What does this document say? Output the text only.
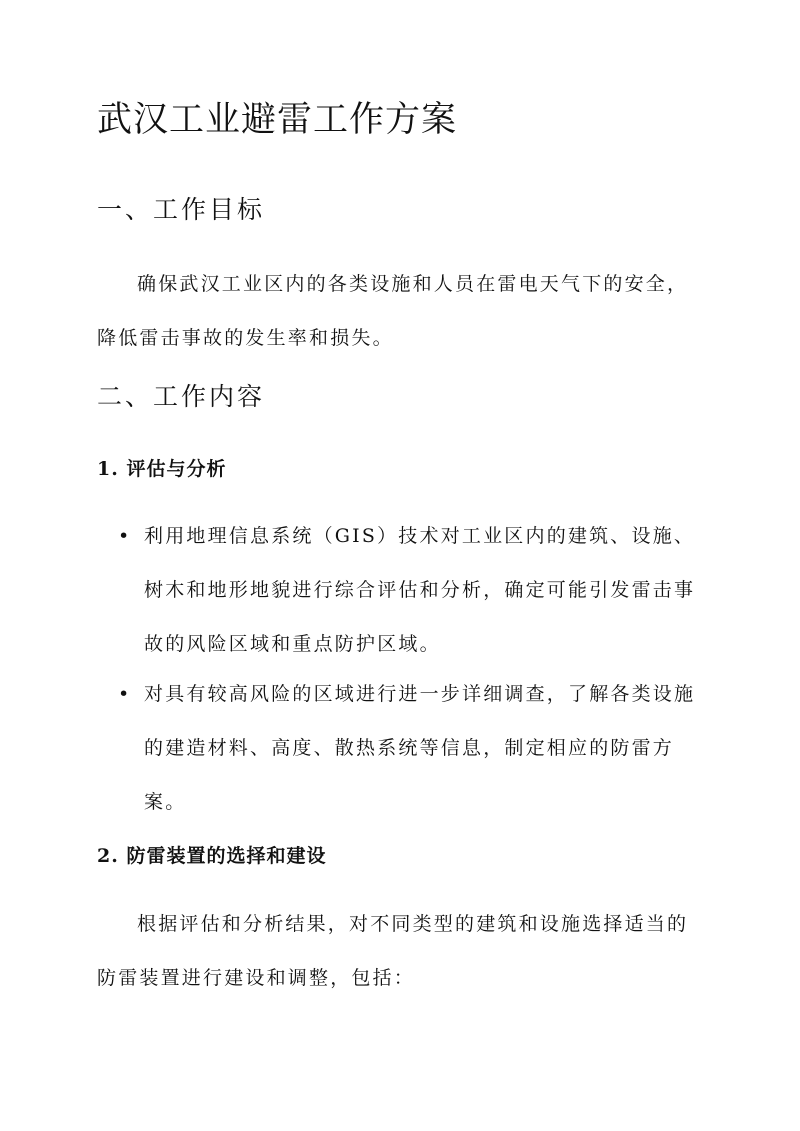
武汉工业避雷工作方案
一、工作目标
确保武汉工业区内的各类设施和人员在雷电天气下的安全，降低雷击事故的发生率和损失。
二、工作内容
1. 评估与分析
• 利用地理信息系统（GIS）技术对工业区内的建筑、设施、树木和地形地貌进行综合评估和分析，确定可能引发雷击事故的风险区域和重点防护区域。
• 对具有较高风险的区域进行进一步详细调查，了解各类设施的建造材料、高度、散热系统等信息，制定相应的防雷方案。
2. 防雷装置的选择和建设
根据评估和分析结果，对不同类型的建筑和设施选择适当的防雷装置进行建设和调整，包括：
